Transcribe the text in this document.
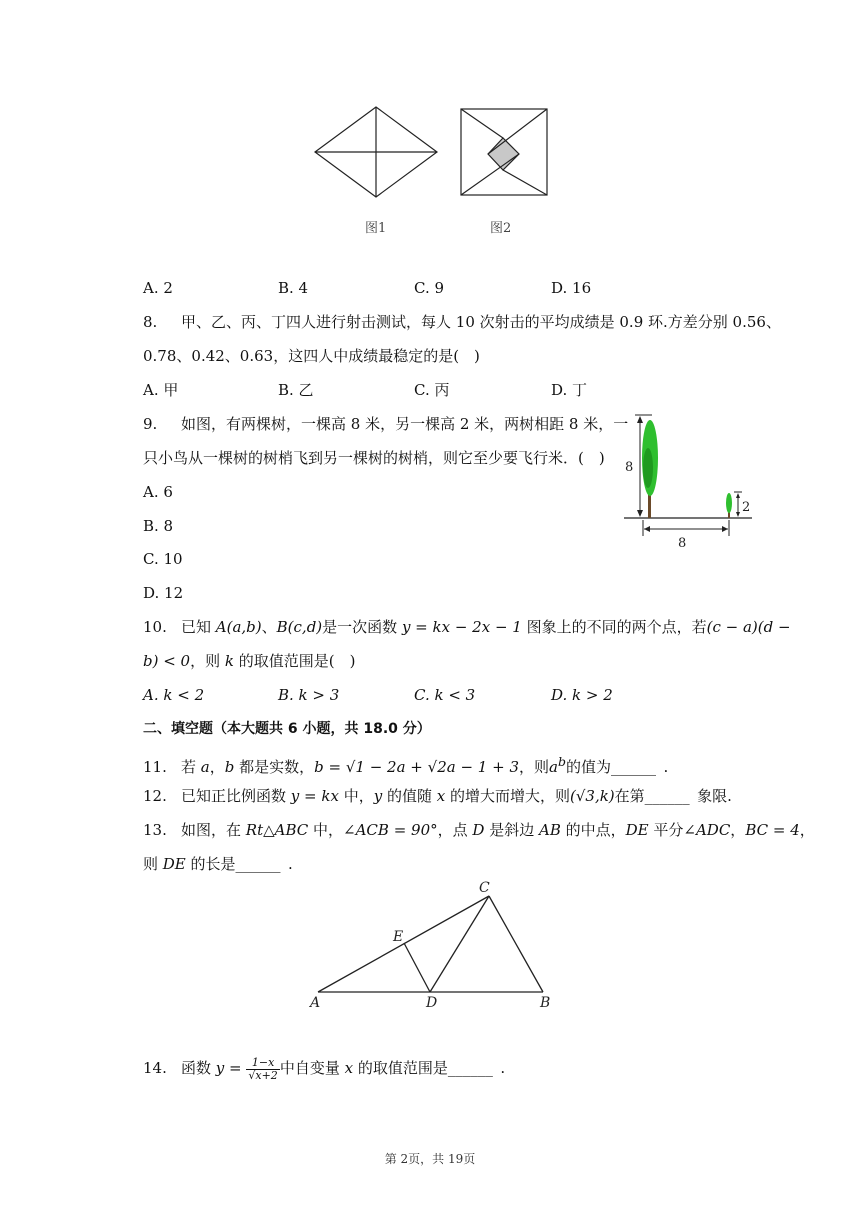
图1	图2
A. 2	B. 4	C. 9	D. 16
8. 甲、乙、丙、丁四人进行射击测试，每人 10 次射击的平均成绩是 0.9 环.方差分别 0.56、
0.78、0.42、0.63，这四人中成绩最稳定的是( )
A. 甲	B. 乙	C. 丙	D. 丁
9. 如图，有两棵树，一棵高 8 米，另一棵高 2 米，两树相距 8 米，一
只小鸟从一棵树的树梢飞到另一棵树的树梢，则它至少要飞行米．( )
A. 6
B. 8
C. 10
D. 12
8
2
8
10. 已知 A(a,b)、B(c,d)是一次函数 y = kx − 2x − 1 图象上的不同的两个点，若(c − a)(d −
b) < 0，则 k 的取值范围是( )
A. k < 2	B. k > 3	C. k < 3	D. k > 2
二、填空题（本大题共 6 小题，共 18.0 分）
11. 若 a，b 都是实数，b = √1 − 2a + √2a − 1 + 3，则$a^b$的值为______ .
12. 已知正比例函数 y = kx 中，y 的值随 x 的增大而增大，则(√3,k)在第______ 象限.
13. 如图，在 Rt△ABC 中，∠ACB = 90°，点 D 是斜边 AB 的中点，DE 平分∠ADC，BC = 4，
则 DE 的长是______ .
A	B
C
D
E
14. 函数 $y = \frac{1-x}{√x+2}$ 中自变量 x 的取值范围是______ .
第 2页，共 19页
